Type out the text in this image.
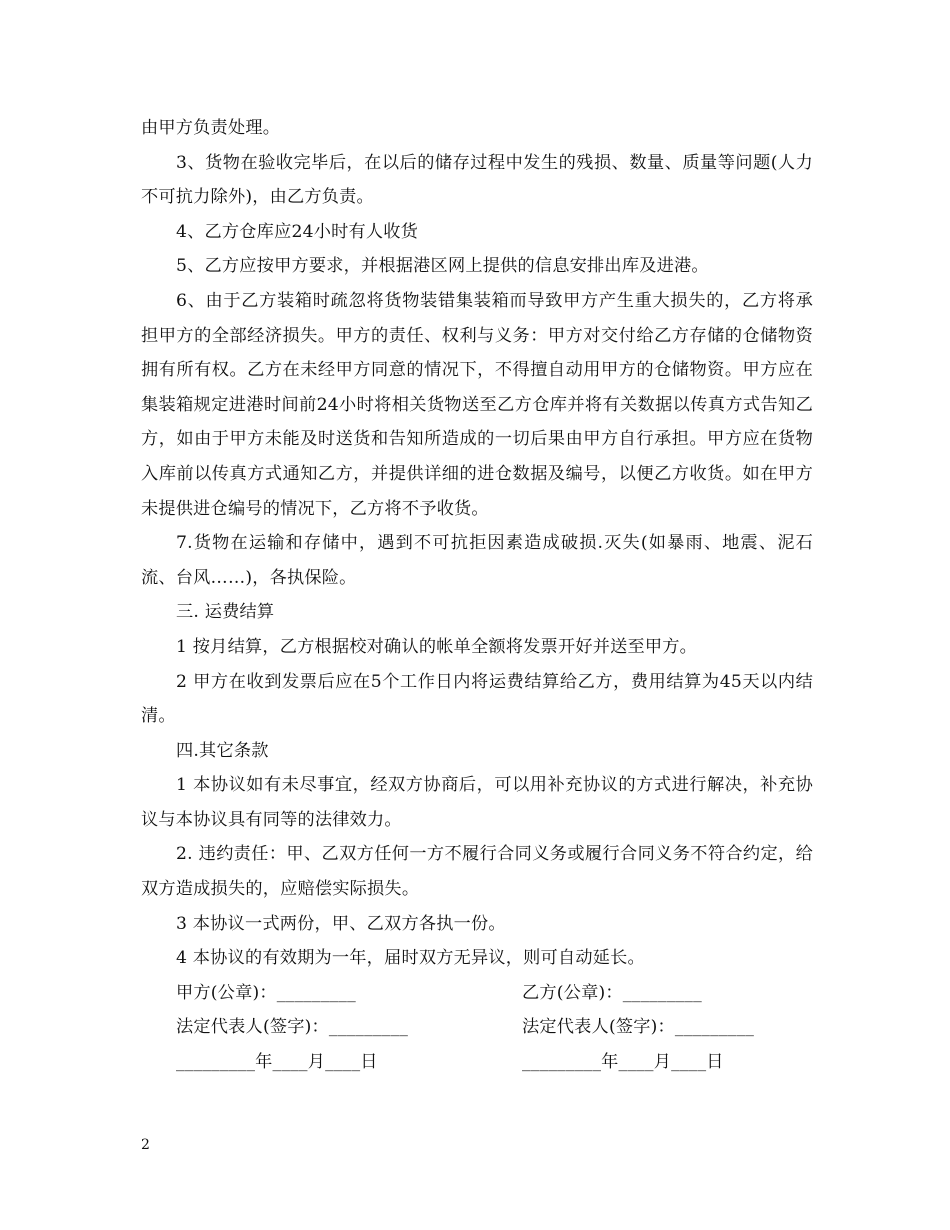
由甲方负责处理。

3、货物在验收完毕后，在以后的储存过程中发生的残损、数量、质量等问题(人力 不可抗力除外)，由乙方负责。

4、乙方仓库应24小时有人收货

5、乙方应按甲方要求，并根据港区网上提供的信息安排出库及进港。

6、由于乙方装箱时疏忽将货物装错集装箱而导致甲方产生重大损失的，乙方将承担甲方的全部经济损失。甲方的责任、权利与义务：甲方对交付给乙方存储的仓储物资拥有所有权。乙方在未经甲方同意的情况下，不得擅自动用甲方的仓储物资。甲方应在集装箱规定进港时间前24小时将相关货物送至乙方仓库并将有关数据以传真方式告知乙方，如由于甲方未能及时送货和告知所造成的一切后果由甲方自行承担。甲方应在货物入库前以传真方式通知乙方，并提供详细的进仓数据及编号，以便乙方收货。如在甲方未提供进仓编号的情况下，乙方将不予收货。

7.货物在运输和存储中，遇到不可抗拒因素造成破损.灭失(如暴雨、地震、泥石流、台风……)，各执保险。

三. 运费结算

1 按月结算，乙方根据校对确认的帐单全额将发票开好并送至甲方。

2 甲方在收到发票后应在5个工作日内将运费结算给乙方，费用结算为45天以内结清。

四.其它条款

1 本协议如有未尽事宜，经双方协商后，可以用补充协议的方式进行解决，补充协议与本协议具有同等的法律效力。

2. 违约责任：甲、乙双方任何一方不履行合同义务或履行合同义务不符合约定，给双方造成损失的，应赔偿实际损失。

3 本协议一式两份，甲、乙双方各执一份。

4 本协议的有效期为一年，届时双方无异议，则可自动延长。

甲方(公章)：_________	乙方(公章)：_________
法定代表人(签字)：_________	法定代表人(签字)：_________
_________年____月____日	_________年____月____日
2
